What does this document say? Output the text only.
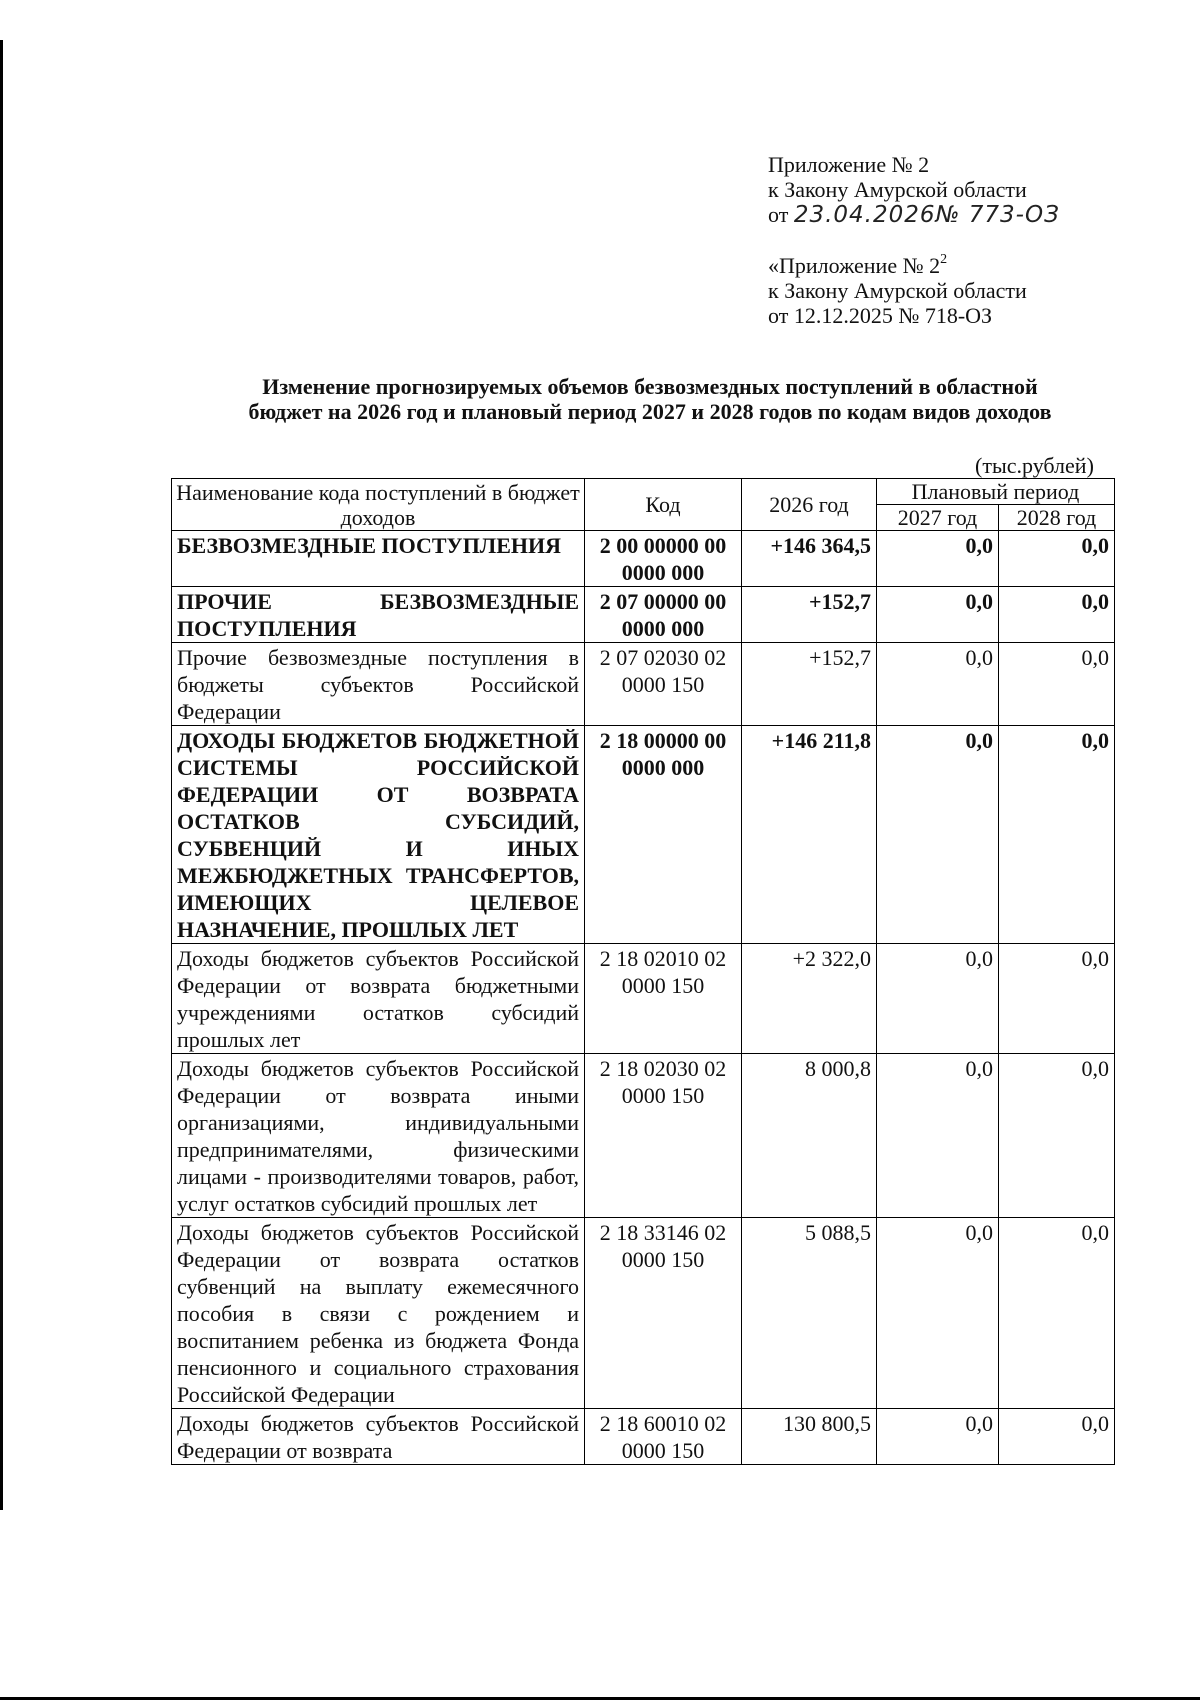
Приложение № 2
к Закону Амурской области
от 23.04.2026№ 773-ОЗ
«Приложение № $2^2$
к Закону Амурской области
от 12.12.2025 № 718-ОЗ
Изменение прогнозируемых объемов безвозмездных поступлений в областной
бюджет на 2026 год и плановый период 2027 и 2028 годов по кодам видов доходов
(тыс.рублей)
Наименование кода поступлений в бюджет доходов	Код	2026 год	Плановый период	
			2027 год	2028 год
БЕЗВОЗМЕЗДНЫЕ ПОСТУПЛЕНИЯ	2 00 00000 00 0000 000	+146 364,5	0,0	0,0
ПРОЧИЕ БЕЗВОЗМЕЗДНЫЕ ПОСТУПЛЕНИЯ	2 07 00000 00 0000 000	+152,7	0,0	0,0
Прочие безвозмездные поступления в бюджеты субъектов Российской Федерации	2 07 02030 02 0000 150	+152,7	0,0	0,0
ДОХОДЫ БЮДЖЕТОВ БЮДЖЕТНОЙ СИСТЕМЫ РОССИЙСКОЙ ФЕДЕРАЦИИ ОТ ВОЗВРАТА ОСТАТКОВ СУБСИДИЙ, СУБВЕНЦИЙ И ИНЫХ МЕЖБЮДЖЕТНЫХ ТРАНСФЕРТОВ, ИМЕЮЩИХ ЦЕЛЕВОЕ НАЗНАЧЕНИЕ, ПРОШЛЫХ ЛЕТ	2 18 00000 00 0000 000	+146 211,8	0,0	0,0
Доходы бюджетов субъектов Российской Федерации от возврата бюджетными учреждениями остатков субсидий прошлых лет	2 18 02010 02 0000 150	+2 322,0	0,0	0,0
Доходы бюджетов субъектов Российской Федерации от возврата иными организациями, индивидуальными предпринимателями, физическими лицами - производителями товаров, работ, услуг остатков субсидий прошлых лет	2 18 02030 02 0000 150	8 000,8	0,0	0,0
Доходы бюджетов субъектов Российской Федерации от возврата остатков субвенций на выплату ежемесячного пособия в связи с рождением и воспитанием ребенка из бюджета Фонда пенсионного и социального страхования Российской Федерации	2 18 33146 02 0000 150	5 088,5	0,0	0,0
Доходы бюджетов субъектов Российской Федерации от возврата	2 18 60010 02 0000 150	130 800,5	0,0	0,0
